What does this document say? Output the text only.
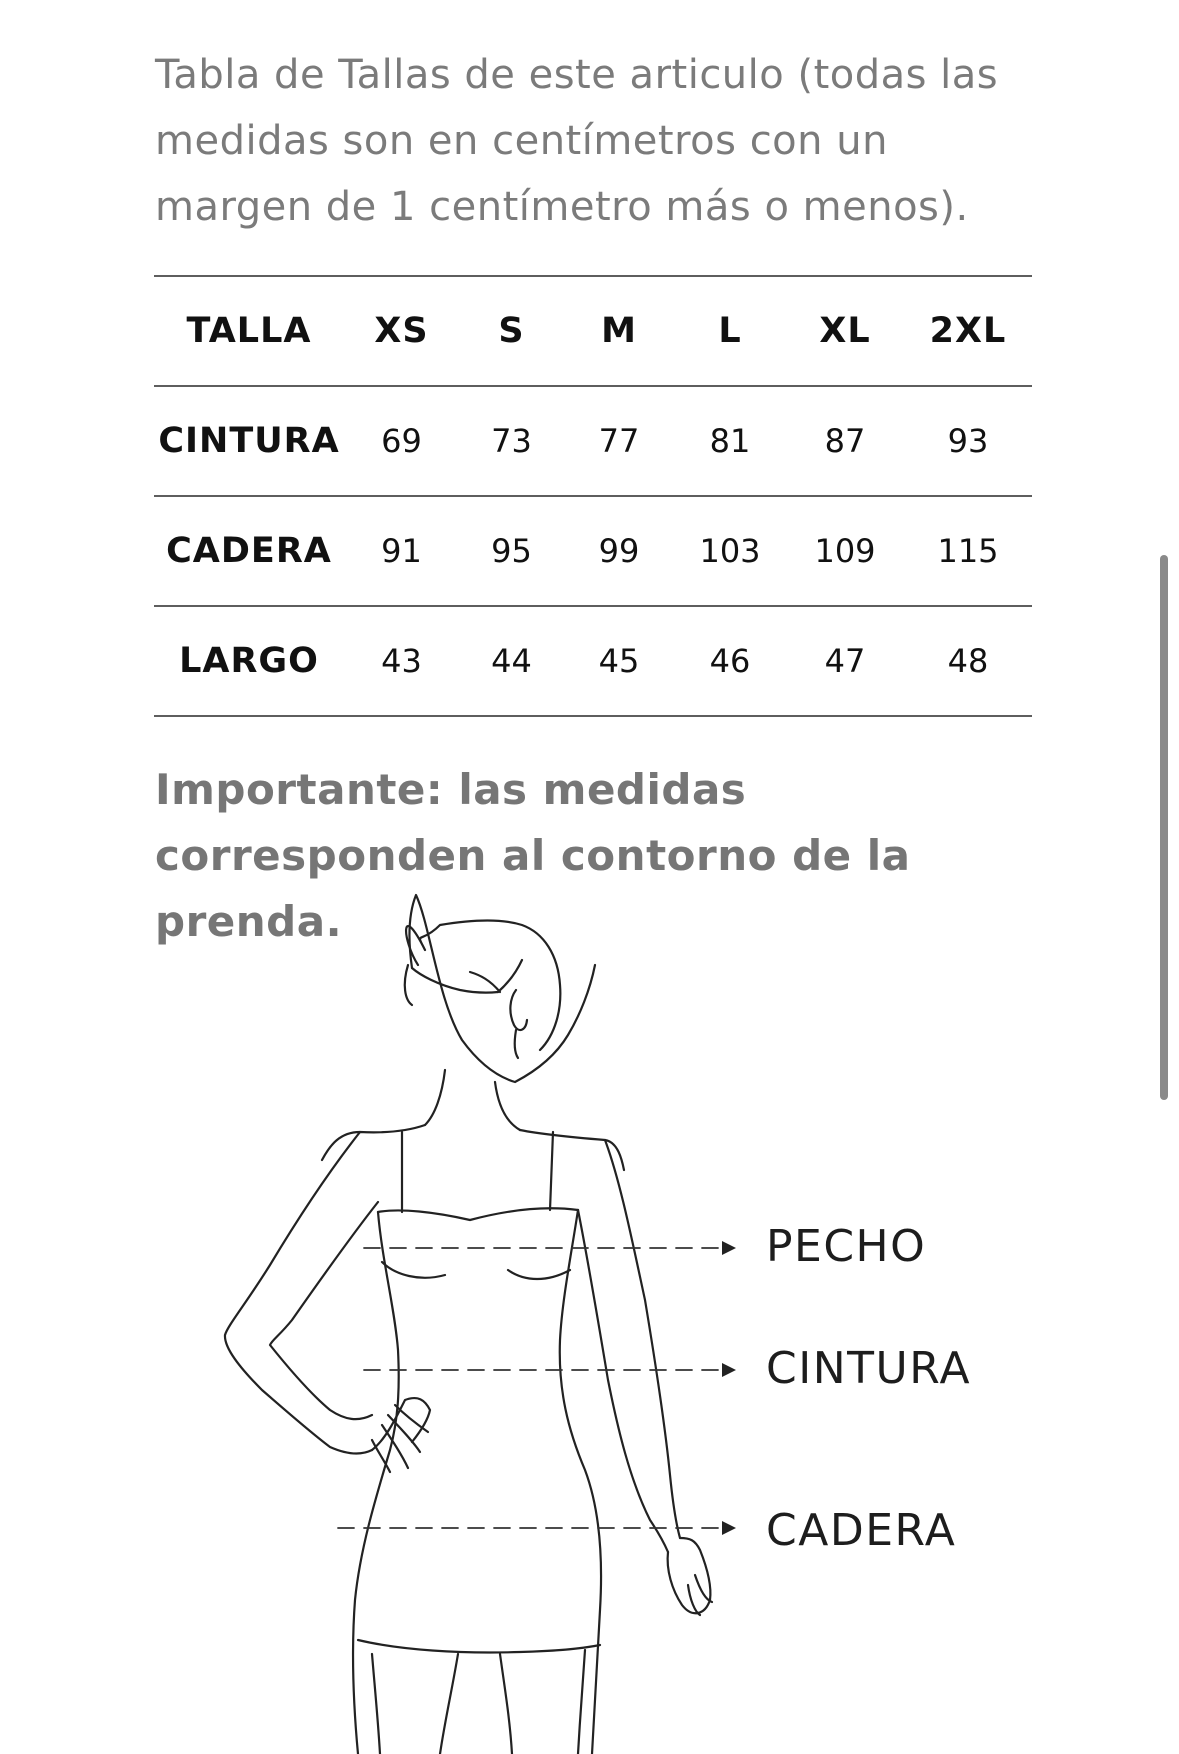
Tabla de Tallas de este articulo (todas las medidas son en centímetros con un margen de 1 centímetro más o menos).

TALLA	XS	S	M	L	XL	2XL
CINTURA	69	73	77	81	87	93
CADERA	91	95	99	103	109	115
LARGO	43	44	45	46	47	48

Importante: las medidas corresponden al contorno de la prenda.

PECHO

CINTURA

CADERA
